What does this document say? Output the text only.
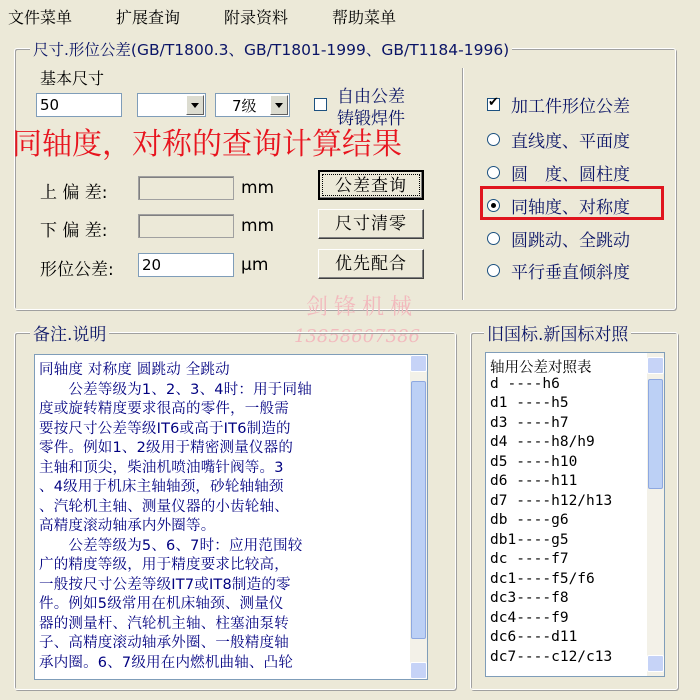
文件菜单	扩展查询	附录资料	帮助菜单
尺寸.形位公差(GB/T1800.3、GB/T1801-1999、GB/T1184-1996)
基本尺寸
50	7级	自由公差
铸锻焊件
上 偏 差:	mm
下 偏 差:	mm
形位公差: 20	μm
公差查询
尺寸清零
优先配合
✔
加工件形位公差
直线度、平面度
圆　度、圆柱度
同轴度、对称度
圆跳动、全跳动
平行垂直倾斜度
同轴度，对称的查询计算结果
剑锋机械
13858607386
备注.说明
同轴度 对称度 圆跳动 全跳动
　　公差等级为1、2、3、4时：用于同轴
度或旋转精度要求很高的零件，一般需
要按尺寸公差等级IT6或高于IT6制造的
零件。例如1、2级用于精密测量仪器的
主轴和顶尖，柴油机喷油嘴针阀等。3
、4级用于机床主轴轴颈，砂轮轴轴颈
、汽轮机主轴、测量仪器的小齿轮轴、
高精度滚动轴承内外圈等。
　　公差等级为5、6、7时：应用范围较
广的精度等级，用于精度要求比较高，
一般按尺寸公差等级IT7或IT8制造的零
件。例如5级常用在机床轴颈、测量仪
器的测量杆、汽轮机主轴、柱塞油泵转
子、高精度滚动轴承外圈、一般精度轴
承内圈。6、7级用在内燃机曲轴、凸轮
旧国标.新国标对照
轴用公差对照表
d ----h6
d1 ----h5
d3 ----h7
d4 ----h8/h9
d5 ----h10
d6 ----h11
d7 ----h12/h13
db ----g6
db1----g5
dc ----f7
dc1----f5/f6
dc3----f8
dc4----f9
dc6----d11
dc7----c12/c13
